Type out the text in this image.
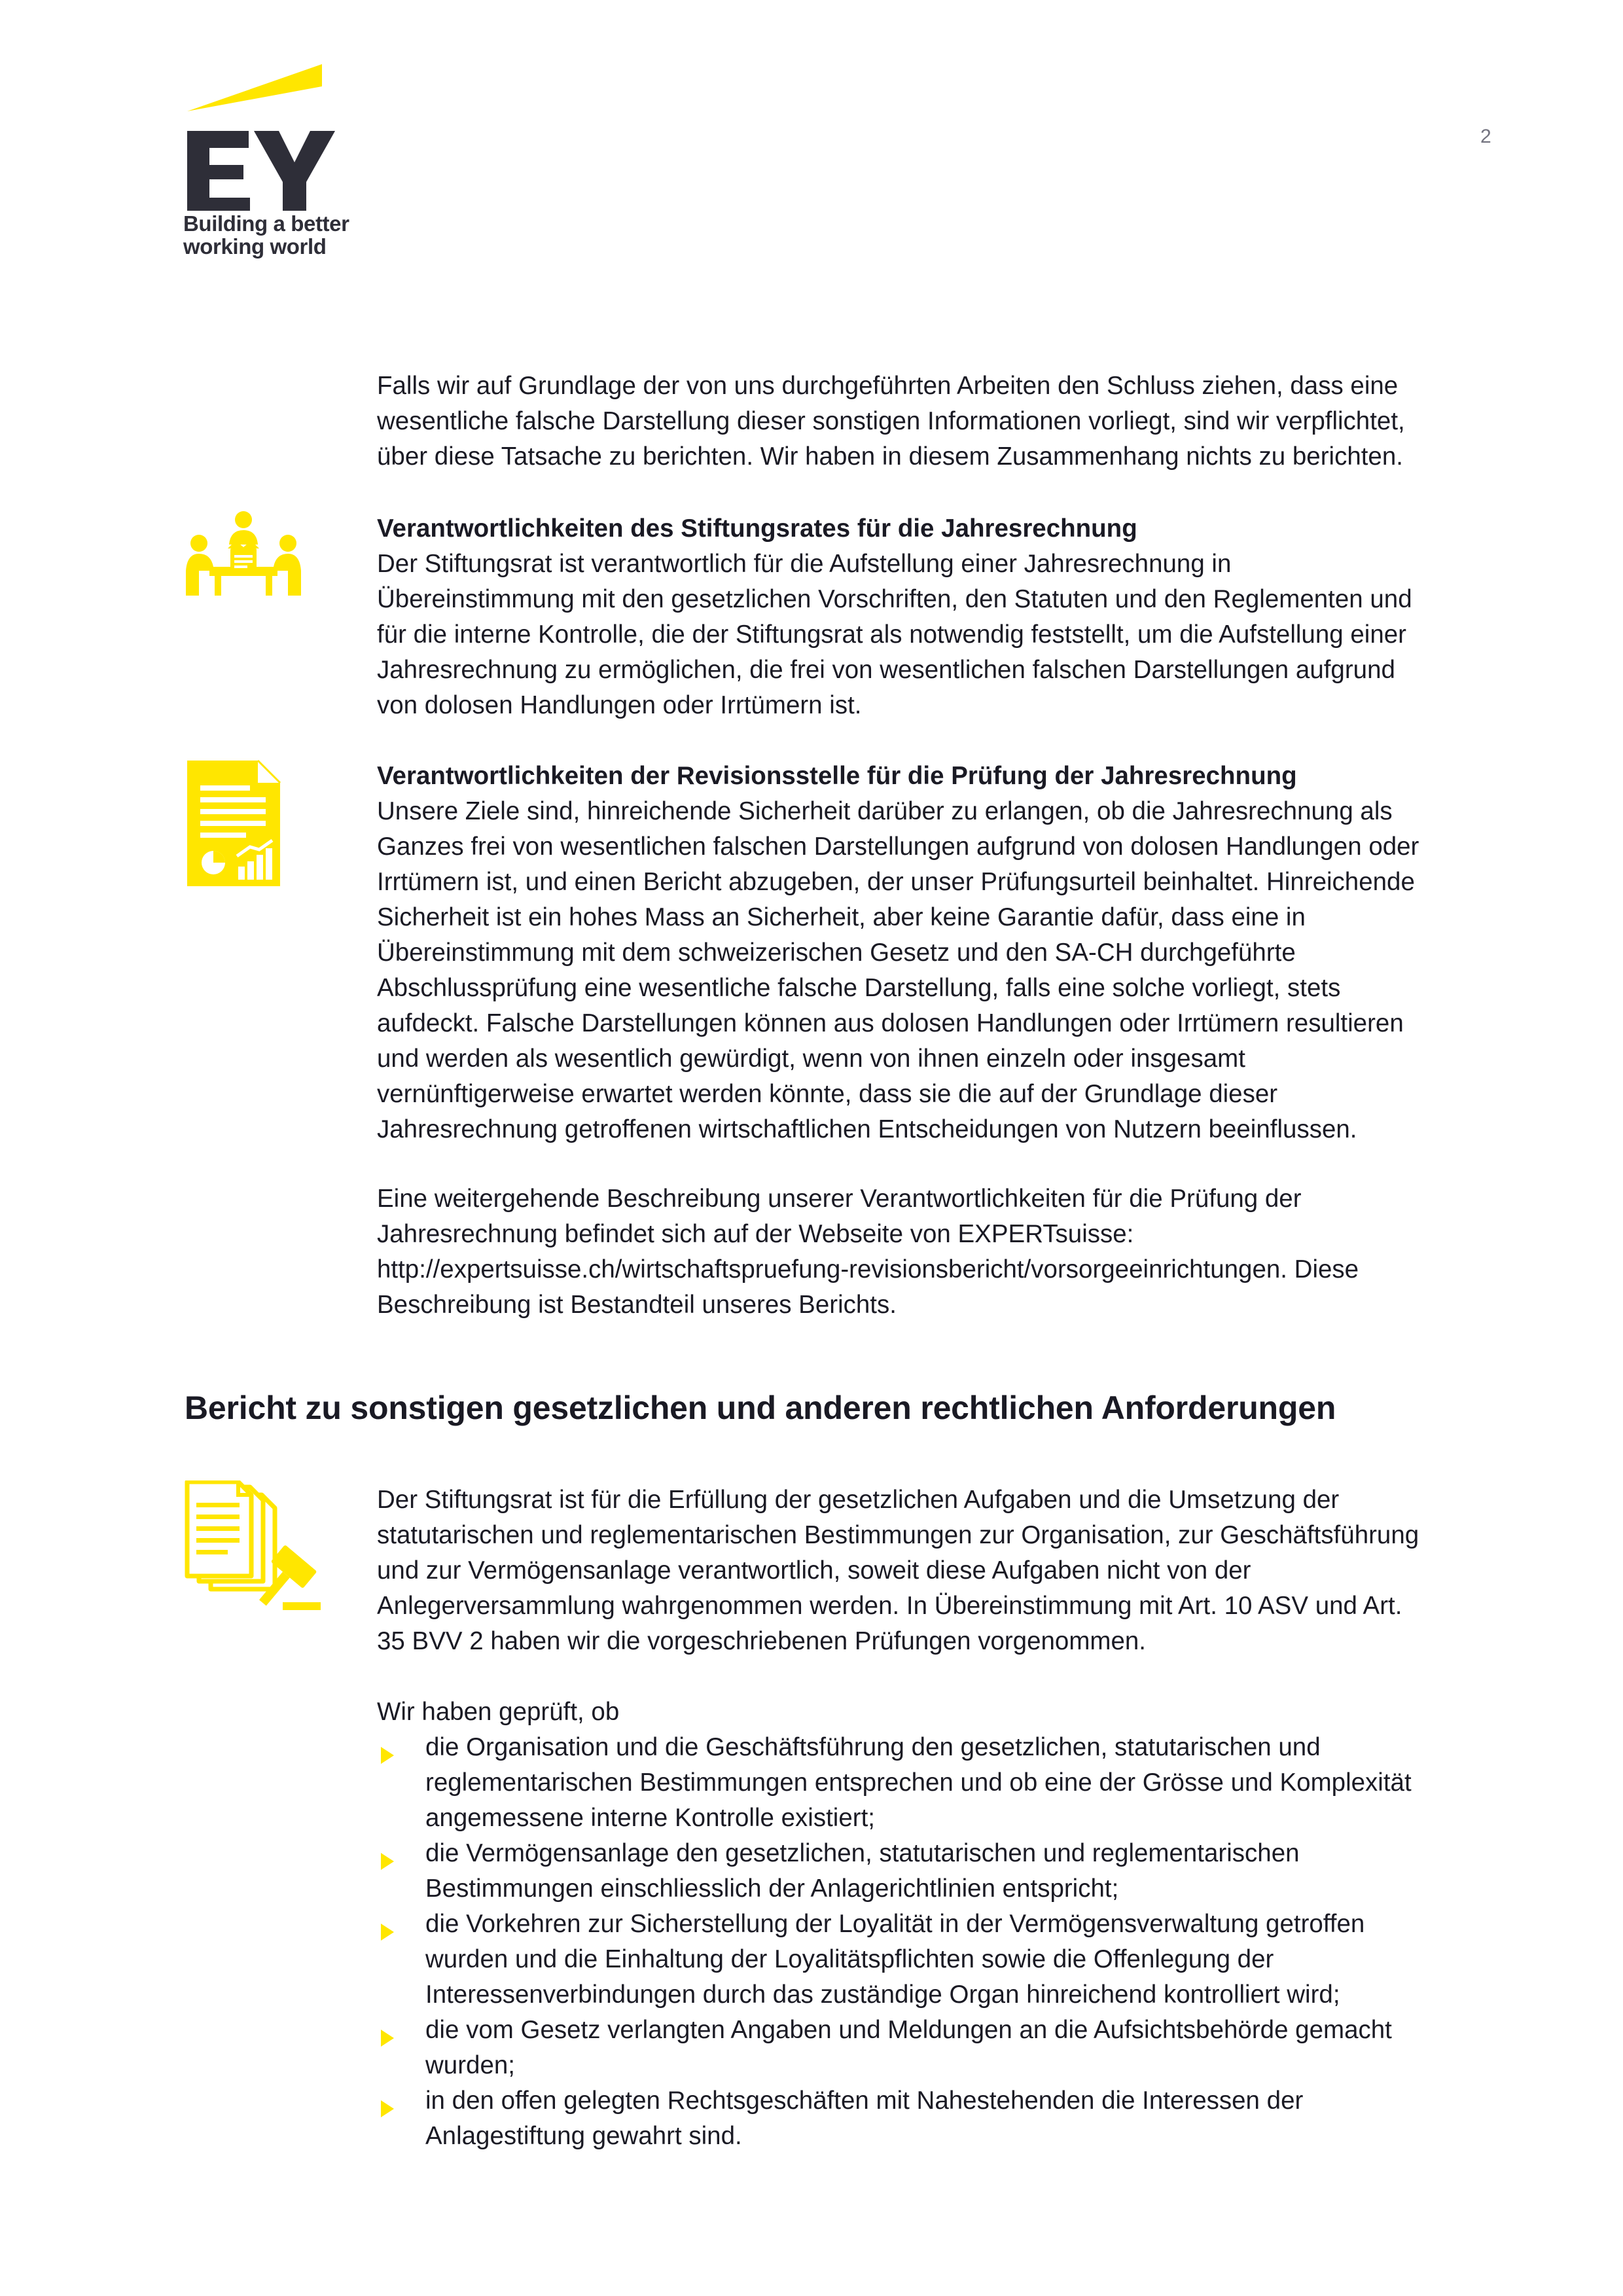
Building a better
working world
2

Falls wir auf Grundlage der von uns durchgeführten Arbeiten den Schluss ziehen, dass eine
wesentliche falsche Darstellung dieser sonstigen Informationen vorliegt, sind wir verpflichtet,
über diese Tatsache zu berichten. Wir haben in diesem Zusammenhang nichts zu berichten.

Verantwortlichkeiten des Stiftungsrates für die Jahresrechnung
Der Stiftungsrat ist verantwortlich für die Aufstellung einer Jahresrechnung in
Übereinstimmung mit den gesetzlichen Vorschriften, den Statuten und den Reglementen und
für die interne Kontrolle, die der Stiftungsrat als notwendig feststellt, um die Aufstellung einer
Jahresrechnung zu ermöglichen, die frei von wesentlichen falschen Darstellungen aufgrund
von dolosen Handlungen oder Irrtümern ist.

Verantwortlichkeiten der Revisionsstelle für die Prüfung der Jahresrechnung
Unsere Ziele sind, hinreichende Sicherheit darüber zu erlangen, ob die Jahresrechnung als
Ganzes frei von wesentlichen falschen Darstellungen aufgrund von dolosen Handlungen oder
Irrtümern ist, und einen Bericht abzugeben, der unser Prüfungsurteil beinhaltet. Hinreichende
Sicherheit ist ein hohes Mass an Sicherheit, aber keine Garantie dafür, dass eine in
Übereinstimmung mit dem schweizerischen Gesetz und den SA-CH durchgeführte
Abschlussprüfung eine wesentliche falsche Darstellung, falls eine solche vorliegt, stets
aufdeckt. Falsche Darstellungen können aus dolosen Handlungen oder Irrtümern resultieren
und werden als wesentlich gewürdigt, wenn von ihnen einzeln oder insgesamt
vernünftigerweise erwartet werden könnte, dass sie die auf der Grundlage dieser
Jahresrechnung getroffenen wirtschaftlichen Entscheidungen von Nutzern beeinflussen.

Eine weitergehende Beschreibung unserer Verantwortlichkeiten für die Prüfung der
Jahresrechnung befindet sich auf der Webseite von EXPERTsuisse:
http://expertsuisse.ch/wirtschaftspruefung-revisionsbericht/vorsorgeeinrichtungen. Diese
Beschreibung ist Bestandteil unseres Berichts.

Bericht zu sonstigen gesetzlichen und anderen rechtlichen Anforderungen

Der Stiftungsrat ist für die Erfüllung der gesetzlichen Aufgaben und die Umsetzung der
statutarischen und reglementarischen Bestimmungen zur Organisation, zur Geschäftsführung
und zur Vermögensanlage verantwortlich, soweit diese Aufgaben nicht von der
Anlegerversammlung wahrgenommen werden. In Übereinstimmung mit Art. 10 ASV und Art.
35 BVV 2 haben wir die vorgeschriebenen Prüfungen vorgenommen.

Wir haben geprüft, ob

die Organisation und die Geschäftsführung den gesetzlichen, statutarischen und
reglementarischen Bestimmungen entsprechen und ob eine der Grösse und Komplexität
angemessene interne Kontrolle existiert;

die Vermögensanlage den gesetzlichen, statutarischen und reglementarischen
Bestimmungen einschliesslich der Anlagerichtlinien entspricht;

die Vorkehren zur Sicherstellung der Loyalität in der Vermögensverwaltung getroffen
wurden und die Einhaltung der Loyalitätspflichten sowie die Offenlegung der
Interessenverbindungen durch das zuständige Organ hinreichend kontrolliert wird;

die vom Gesetz verlangten Angaben und Meldungen an die Aufsichtsbehörde gemacht
wurden;

in den offen gelegten Rechtsgeschäften mit Nahestehenden die Interessen der
Anlagestiftung gewahrt sind.
